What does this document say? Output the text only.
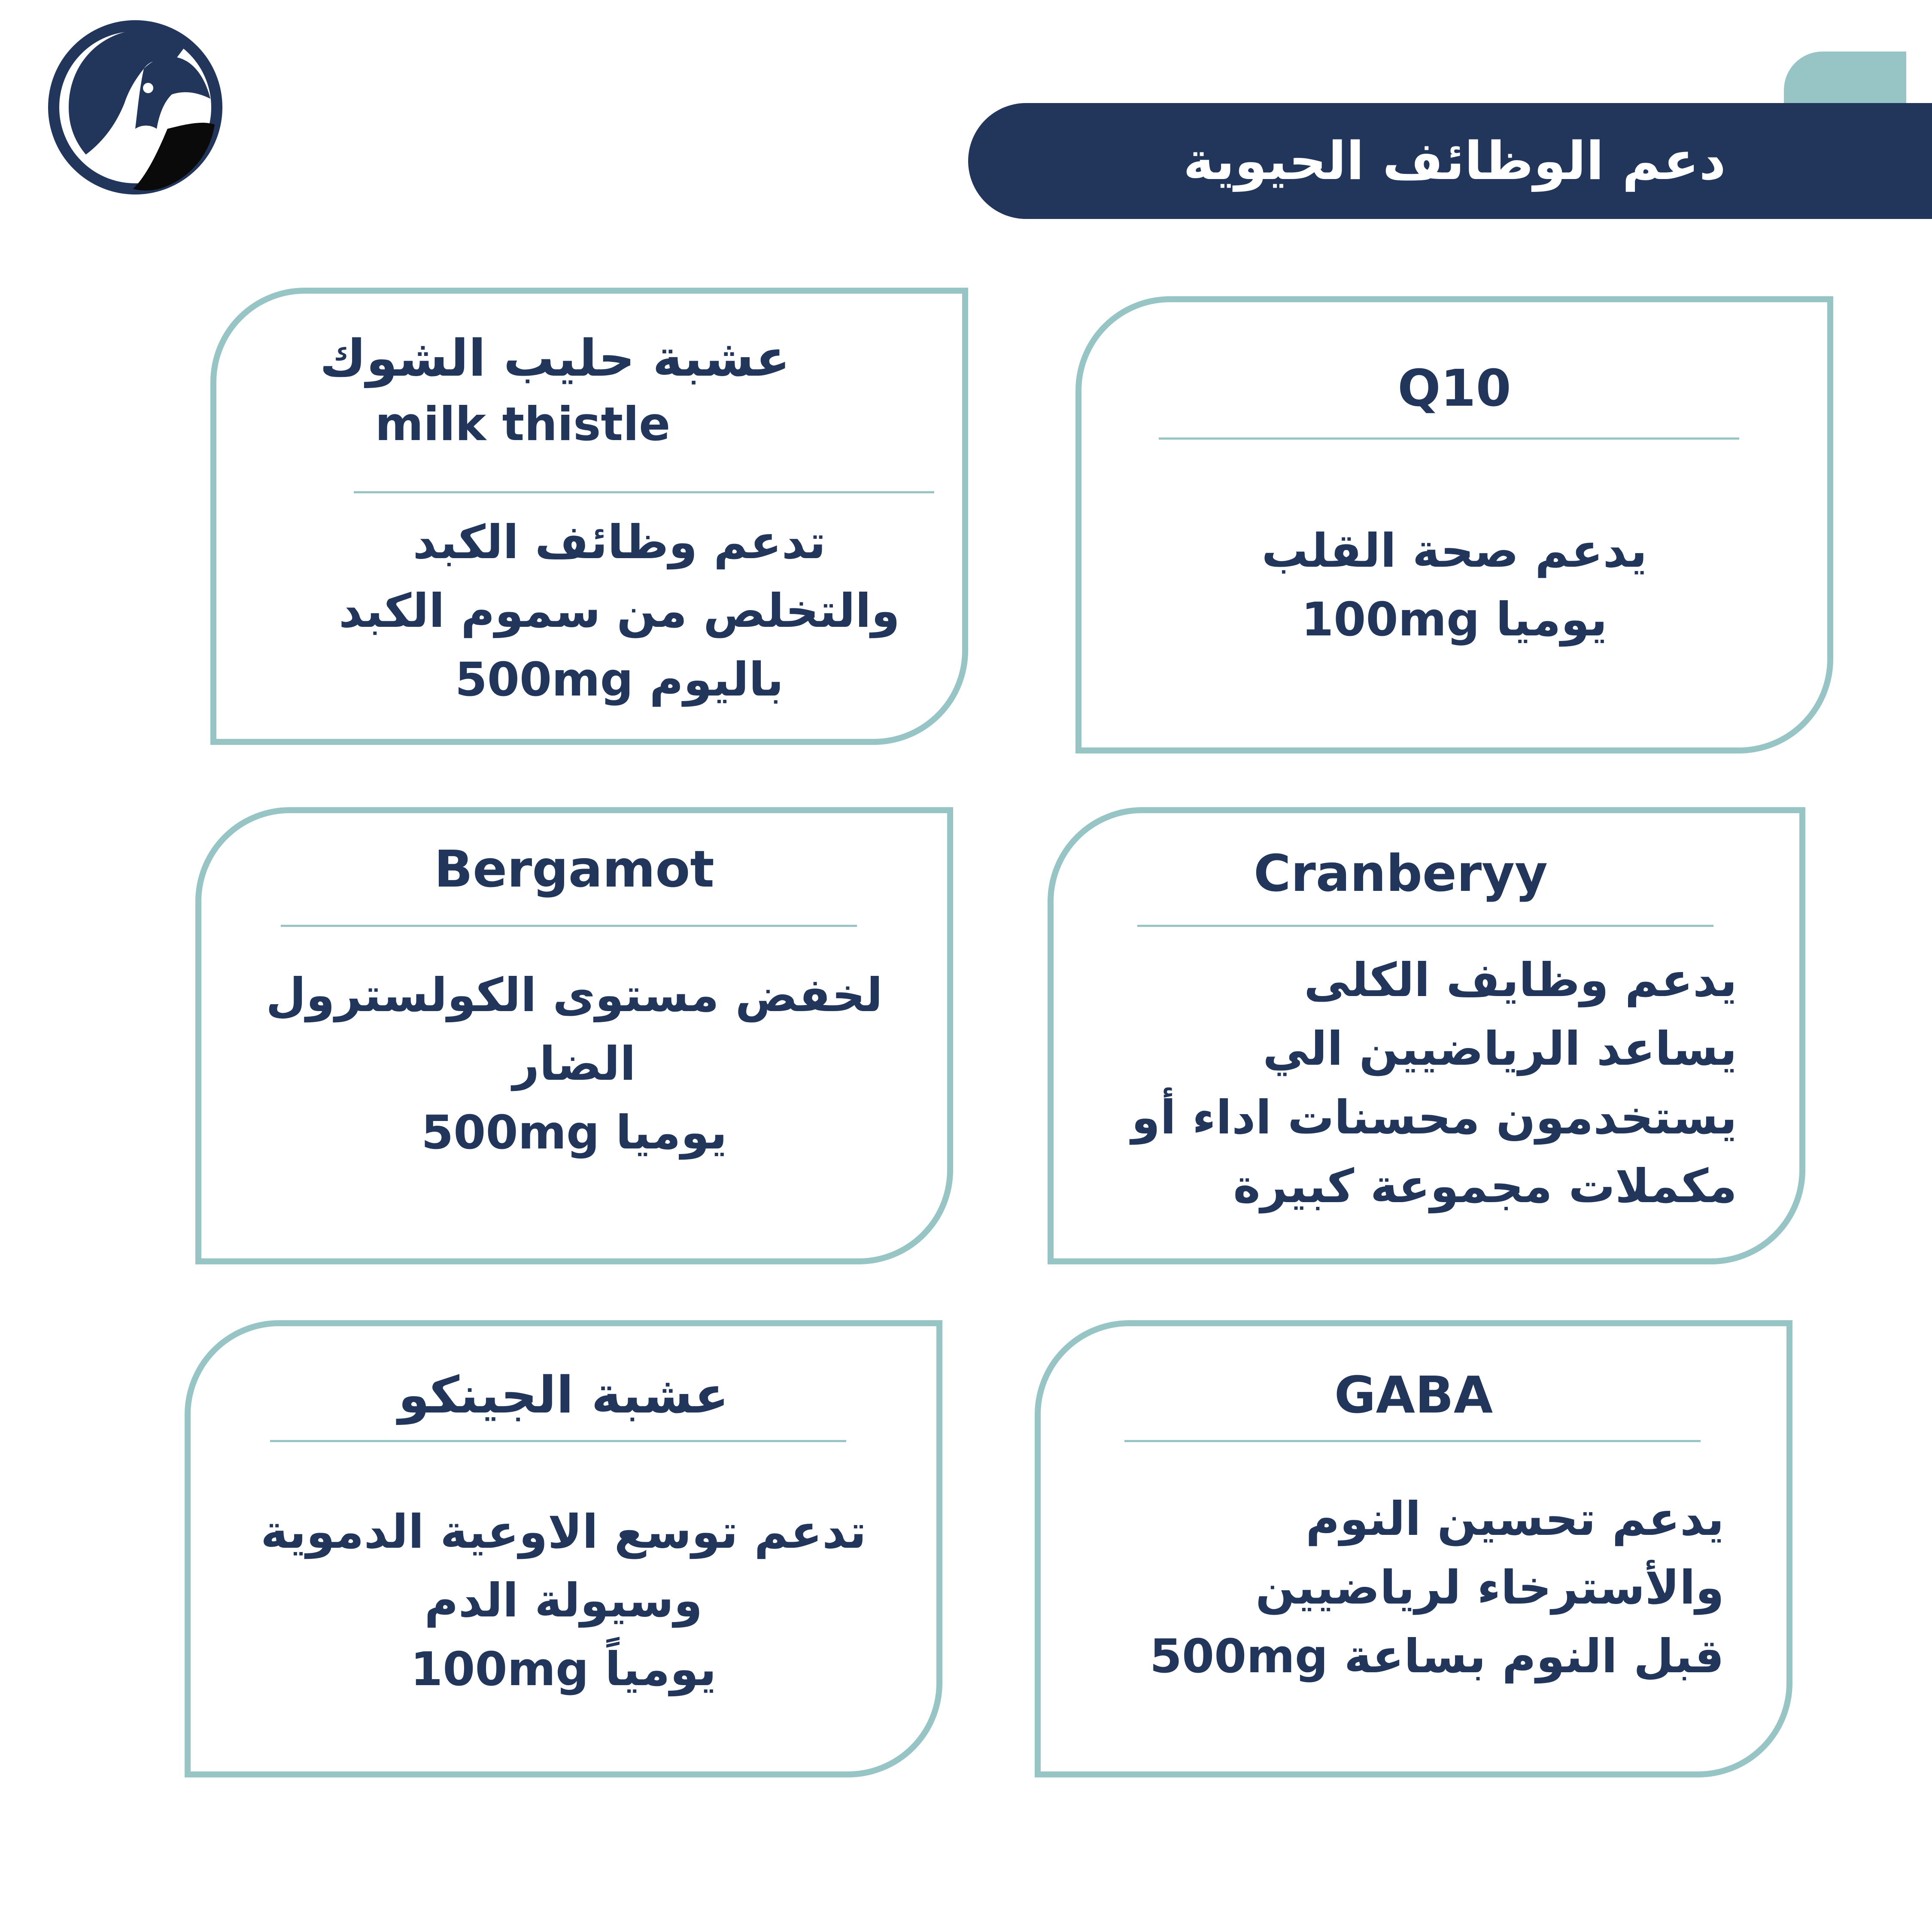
دعم الوظائف الحيوية
Q10
يدعم صحة القلب
يوميا 100mg
عشبة حليب الشوك
milk thistle
تدعم وظائف الكبد
والتخلص من سموم الكبد
باليوم 500mg
Cranberyy
يدعم وظايف الكلى
يساعد الرياضيين الي
يستخدمون محسنات اداء أو
مكملات مجموعة كبيرة
Bergamot
لخفض مستوى الكولسترول
الضار
يوميا 500mg
GABA
يدعم تحسين النوم
والأسترخاء لرياضيين
قبل النوم بساعة 500mg
عشبة الجينكو
تدعم توسع الاوعية الدموية
وسيولة الدم
يومياً 100mg
